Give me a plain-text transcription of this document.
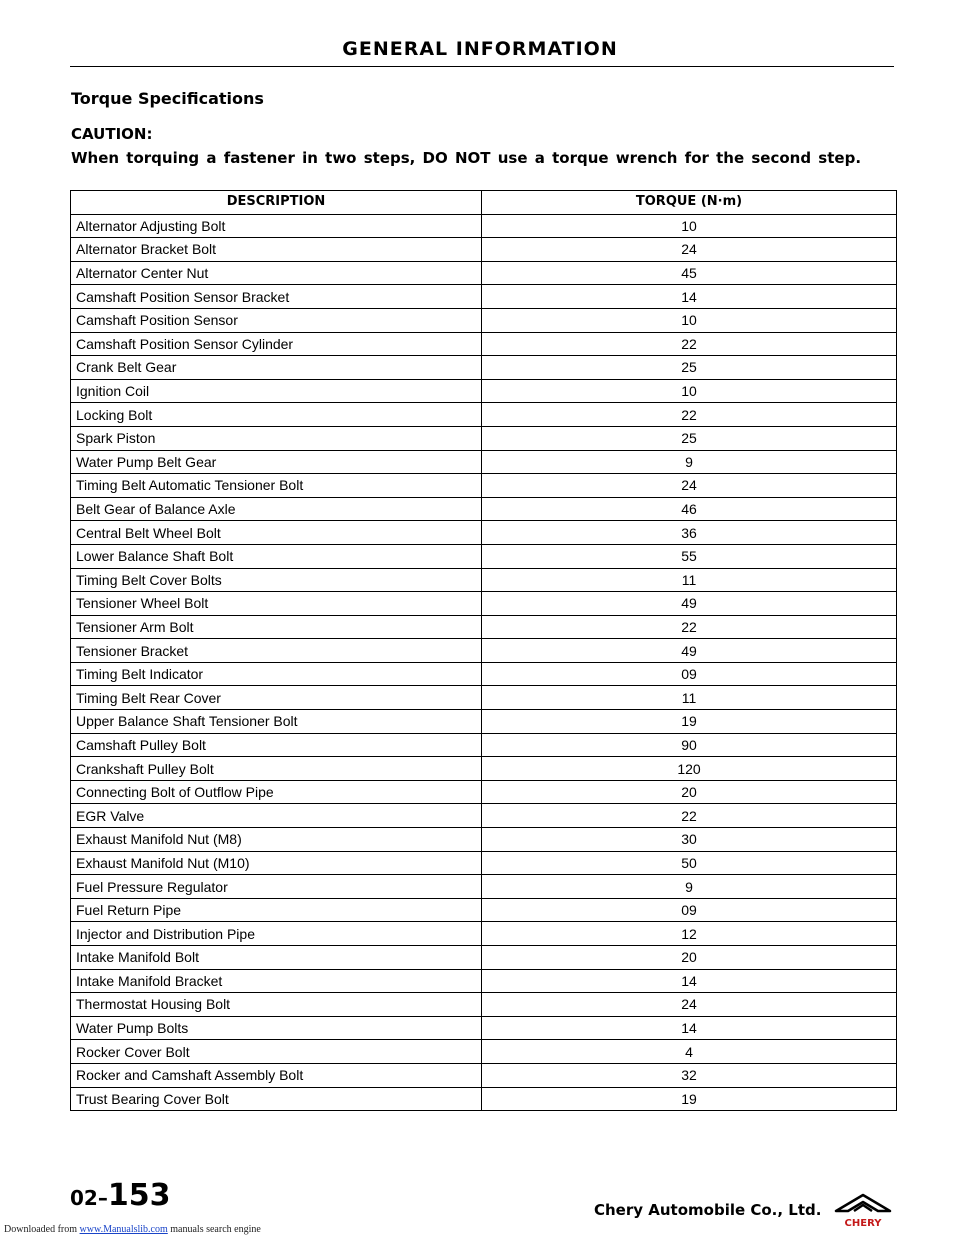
GENERAL INFORMATION
Torque Specifications
CAUTION:
When torquing a fastener in two steps, DO NOT use a torque wrench for the second step.
DESCRIPTION	TORQUE (N·m)
Alternator Adjusting Bolt	10
Alternator Bracket Bolt	24
Alternator Center Nut	45
Camshaft Position Sensor Bracket	14
Camshaft Position Sensor	10
Camshaft Position Sensor Cylinder	22
Crank Belt Gear	25
Ignition Coil	10
Locking Bolt	22
Spark Piston	25
Water Pump Belt Gear	9
Timing Belt Automatic Tensioner Bolt	24
Belt Gear of Balance Axle	46
Central Belt Wheel Bolt	36
Lower Balance Shaft Bolt	55
Timing Belt Cover Bolts	11
Tensioner Wheel Bolt	49
Tensioner Arm Bolt	22
Tensioner Bracket	49
Timing Belt Indicator	09
Timing Belt Rear Cover	11
Upper Balance Shaft Tensioner Bolt	19
Camshaft Pulley Bolt	90
Crankshaft Pulley Bolt	120
Connecting Bolt of Outflow Pipe	20
EGR Valve	22
Exhaust Manifold Nut (M8)	30
Exhaust Manifold Nut (M10)	50
Fuel Pressure Regulator	9
Fuel Return Pipe	09
Injector and Distribution Pipe	12
Intake Manifold Bolt	20
Intake Manifold Bracket	14
Thermostat Housing Bolt	24
Water Pump Bolts	14
Rocker Cover Bolt	4
Rocker and Camshaft Assembly Bolt	32
Trust Bearing Cover Bolt	19
02–153	Chery Automobile Co., Ltd.
CHERY
Downloaded from www.Manualslib.com manuals search engine
